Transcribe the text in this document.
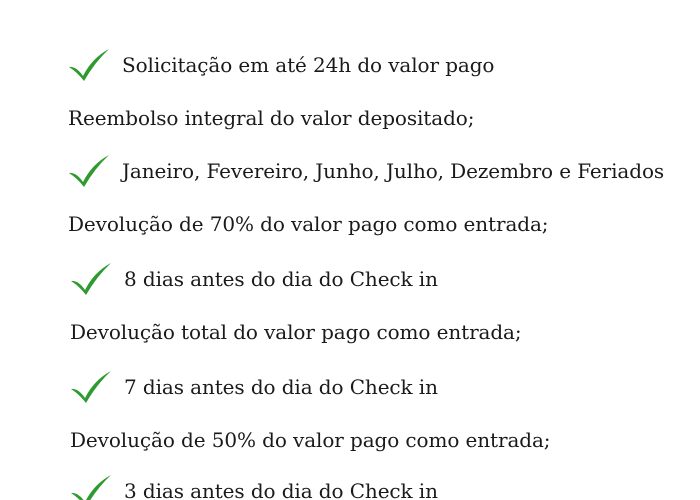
Solicitação em até 24h do valor pago
Reembolso integral do valor depositado;
Janeiro, Fevereiro, Junho, Julho, Dezembro e Feriados
Devolução de 70% do valor pago como entrada;
8 dias antes do dia do Check in
Devolução total do valor pago como entrada;
7 dias antes do dia do Check in
Devolução de 50% do valor pago como entrada;
3 dias antes do dia do Check in
